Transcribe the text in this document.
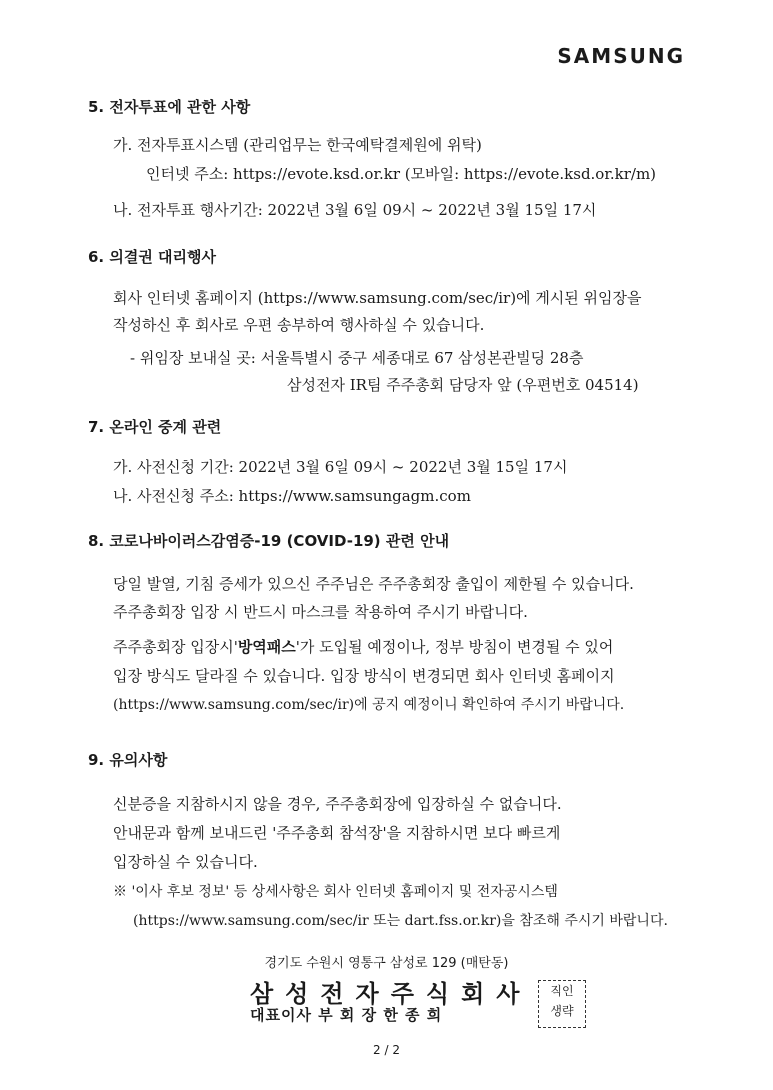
SAMSUNG
5. 전자투표에 관한 사항
가. 전자투표시스템 (관리업무는 한국예탁결제원에 위탁)
인터넷 주소: https://evote.ksd.or.kr (모바일: https://evote.ksd.or.kr/m)
나. 전자투표 행사기간: 2022년 3월 6일 09시 ~ 2022년 3월 15일 17시
6. 의결권 대리행사
회사 인터넷 홈페이지 (https://www.samsung.com/sec/ir)에 게시된 위임장을
작성하신 후 회사로 우편 송부하여 행사하실 수 있습니다.
- 위임장 보내실 곳: 서울특별시 중구 세종대로 67 삼성본관빌딩 28층
삼성전자 IR팀 주주총회 담당자 앞 (우편번호 04514)
7. 온라인 중계 관련
가. 사전신청 기간: 2022년 3월 6일 09시 ~ 2022년 3월 15일 17시
나. 사전신청 주소: https://www.samsungagm.com
8. 코로나바이러스감염증-19 (COVID-19) 관련 안내
당일 발열, 기침 증세가 있으신 주주님은 주주총회장 출입이 제한될 수 있습니다.
주주총회장 입장 시 반드시 마스크를 착용하여 주시기 바랍니다.
주주총회장 입장시'방역패스'가 도입될 예정이나, 정부 방침이 변경될 수 있어
입장 방식도 달라질 수 있습니다. 입장 방식이 변경되면 회사 인터넷 홈페이지
(https://www.samsung.com/sec/ir)에 공지 예정이니 확인하여 주시기 바랍니다.
9. 유의사항
신분증을 지참하시지 않을 경우, 주주총회장에 입장하실 수 없습니다.
안내문과 함께 보내드린 '주주총회 참석장'을 지참하시면 보다 빠르게
입장하실 수 있습니다.
※ '이사 후보 정보' 등 상세사항은 회사 인터넷 홈페이지 및 전자공시스템
(https://www.samsung.com/sec/ir 또는 dart.fss.or.kr)을 참조해 주시기 바랍니다.
경기도 수원시 영통구 삼성로 129 (매탄동)
삼성전자주식회사
대표이사 부 회 장 한 종 희
직인
생략
2 / 2
